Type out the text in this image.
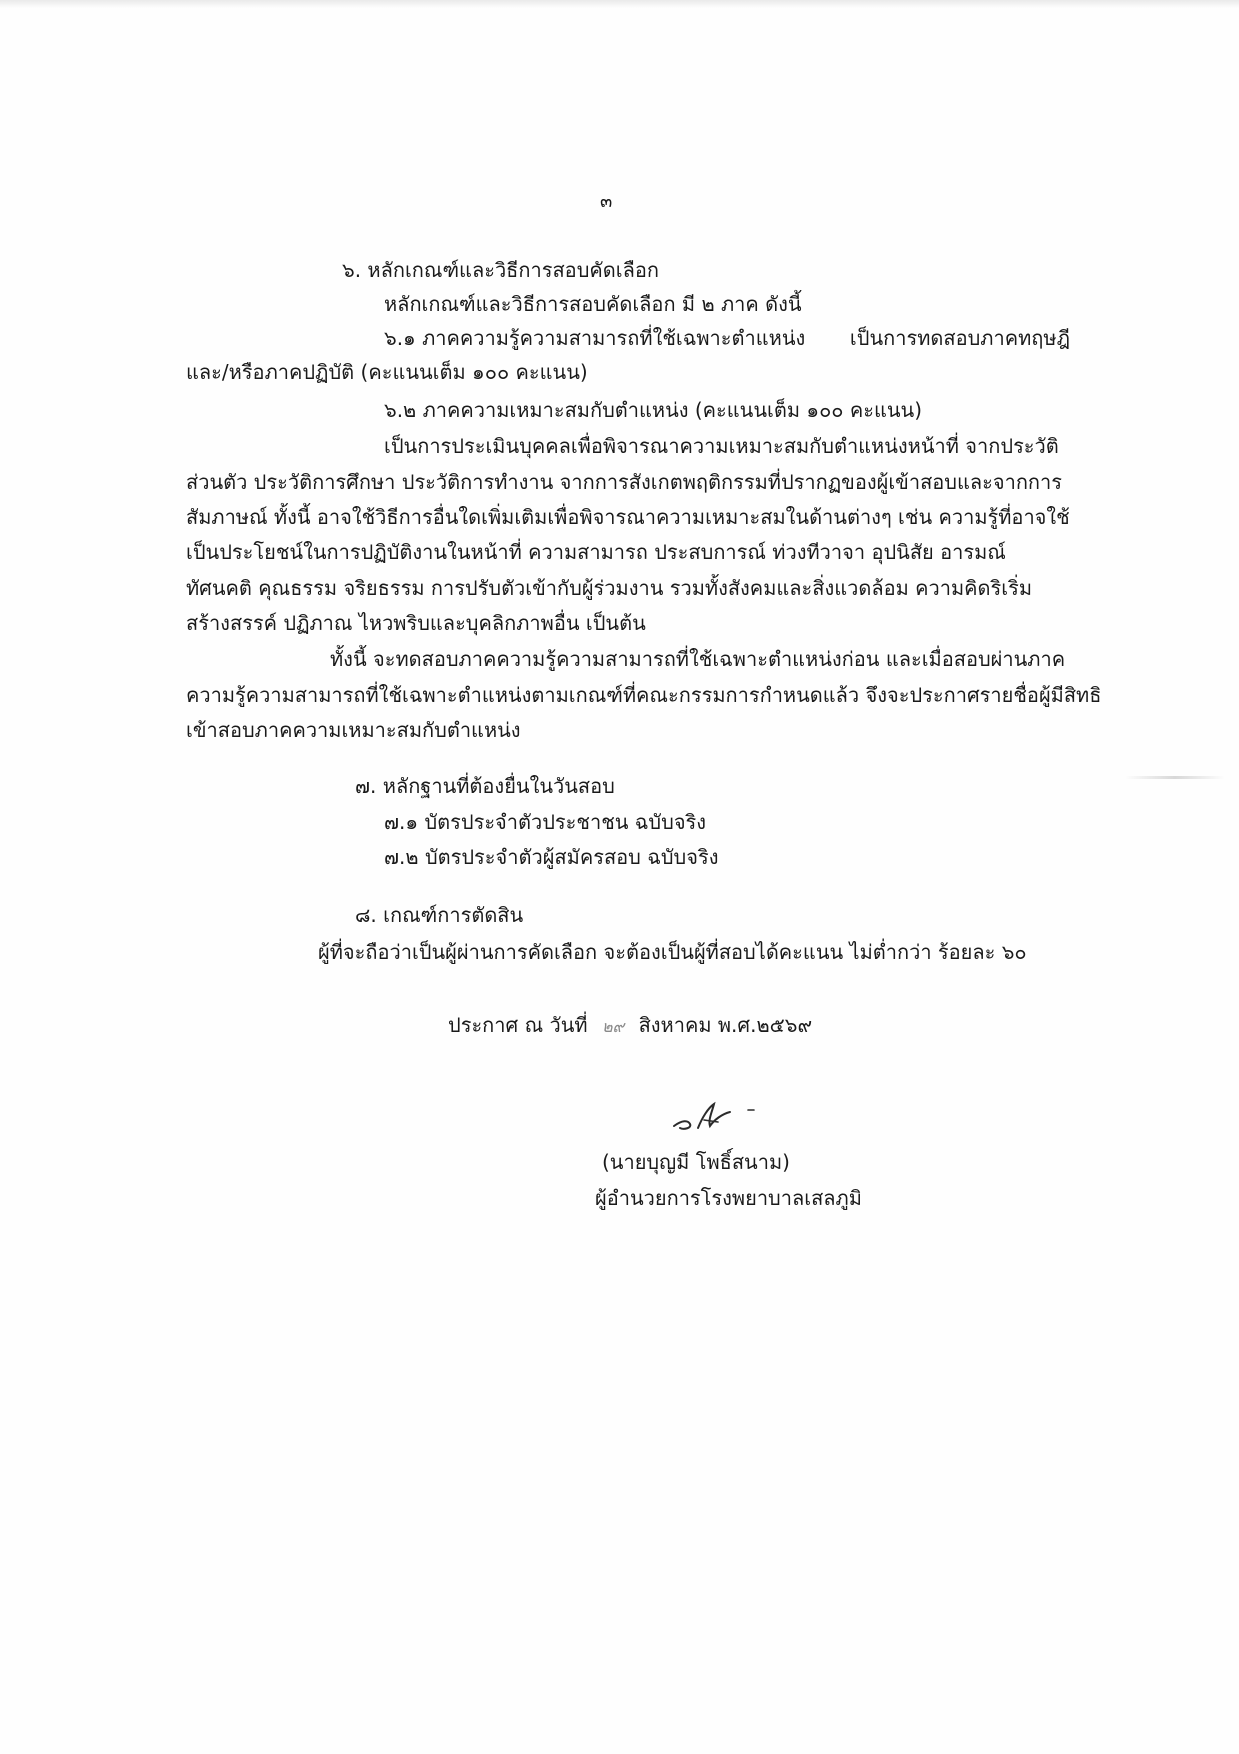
๓
๖. หลักเกณฑ์และวิธีการสอบคัดเลือก
หลักเกณฑ์และวิธีการสอบคัดเลือก มี ๒ ภาค ดังนี้
๖.๑ ภาคความรู้ความสามารถที่ใช้เฉพาะตำแหน่ง เป็นการทดสอบภาคทฤษฎี
และ/หรือภาคปฏิบัติ (คะแนนเต็ม ๑๐๐ คะแนน)
๖.๒ ภาคความเหมาะสมกับตำแหน่ง (คะแนนเต็ม ๑๐๐ คะแนน)
เป็นการประเมินบุคคลเพื่อพิจารณาความเหมาะสมกับตำแหน่งหน้าที่ จากประวัติ
ส่วนตัว ประวัติการศึกษา ประวัติการทำงาน จากการสังเกตพฤติกรรมที่ปรากฏของผู้เข้าสอบและจากการ
สัมภาษณ์ ทั้งนี้ อาจใช้วิธีการอื่นใดเพิ่มเติมเพื่อพิจารณาความเหมาะสมในด้านต่างๆ เช่น ความรู้ที่อาจใช้
เป็นประโยชน์ในการปฏิบัติงานในหน้าที่ ความสามารถ ประสบการณ์ ท่วงทีวาจา อุปนิสัย อารมณ์
ทัศนคติ คุณธรรม จริยธรรม การปรับตัวเข้ากับผู้ร่วมงาน รวมทั้งสังคมและสิ่งแวดล้อม ความคิดริเริ่ม
สร้างสรรค์ ปฏิภาณ ไหวพริบและบุคลิกภาพอื่น เป็นต้น
ทั้งนี้ จะทดสอบภาคความรู้ความสามารถที่ใช้เฉพาะตำแหน่งก่อน และเมื่อสอบผ่านภาค
ความรู้ความสามารถที่ใช้เฉพาะตำแหน่งตามเกณฑ์ที่คณะกรรมการกำหนดแล้ว จึงจะประกาศรายชื่อผู้มีสิทธิ
เข้าสอบภาคความเหมาะสมกับตำแหน่ง
๗. หลักฐานที่ต้องยื่นในวันสอบ
๗.๑ บัตรประจำตัวประชาชน ฉบับจริง
๗.๒ บัตรประจำตัวผู้สมัครสอบ ฉบับจริง
๘. เกณฑ์การตัดสิน
ผู้ที่จะถือว่าเป็นผู้ผ่านการคัดเลือก จะต้องเป็นผู้ที่สอบได้คะแนน ไม่ต่ำกว่า ร้อยละ ๖๐
ประกาศ ณ วันที่ ๒๙ สิงหาคม พ.ศ.๒๕๖๙
(นายบุญมี โพธิ์สนาม)
ผู้อำนวยการโรงพยาบาลเสลภูมิ
